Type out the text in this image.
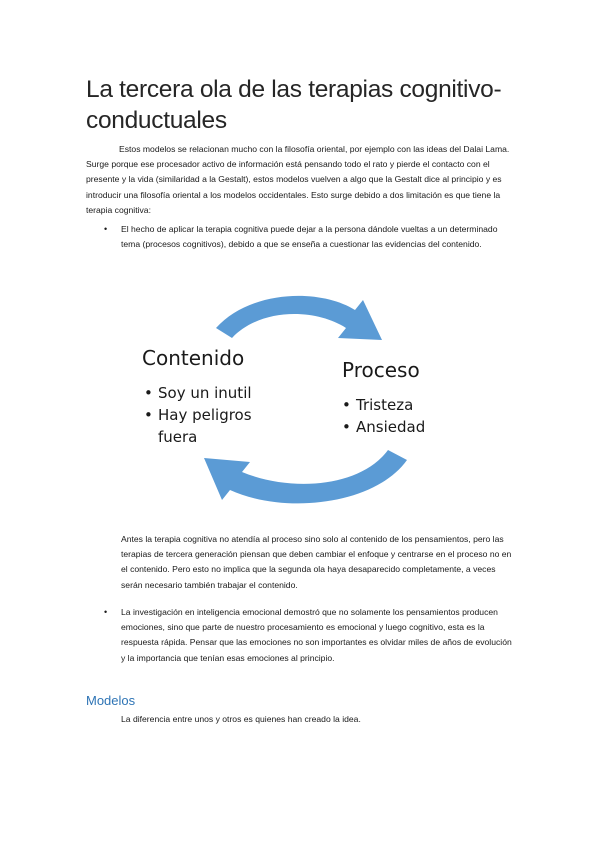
La tercera ola de las terapias cognitivo-conductuales

Estos modelos se relacionan mucho con la filosofía oriental, por ejemplo con las ideas del Dalai Lama. Surge porque ese procesador activo de información está pensando todo el rato y pierde el contacto con el presente y la vida (similaridad a la Gestalt), estos modelos vuelven a algo que la Gestalt dice al principio y es introducir una filosofía oriental a los modelos occidentales. Esto surge debido a dos limitación es que tiene la terapia cognitiva:

• El hecho de aplicar la terapia cognitiva puede dejar a la persona dándole vueltas a un determinado tema (procesos cognitivos), debido a que se enseña a cuestionar las evidencias del contenido.
Contenido
• Soy un inutil
• Hay peligros fuera
Proceso
• Tristeza
• Ansiedad

Antes la terapia cognitiva no atendía al proceso sino solo al contenido de los pensamientos, pero las terapias de tercera generación piensan que deben cambiar el enfoque y centrarse en el proceso no en el contenido. Pero esto no implica que la segunda ola haya desaparecido completamente, a veces serán necesario también trabajar el contenido.

• La investigación en inteligencia emocional demostró que no solamente los pensamientos producen emociones, sino que parte de nuestro procesamiento es emocional y luego cognitivo, esta es la respuesta rápida. Pensar que las emociones no son importantes es olvidar miles de años de evolución y la importancia que tenían esas emociones al principio.
Modelos

La diferencia entre unos y otros es quienes han creado la idea.
